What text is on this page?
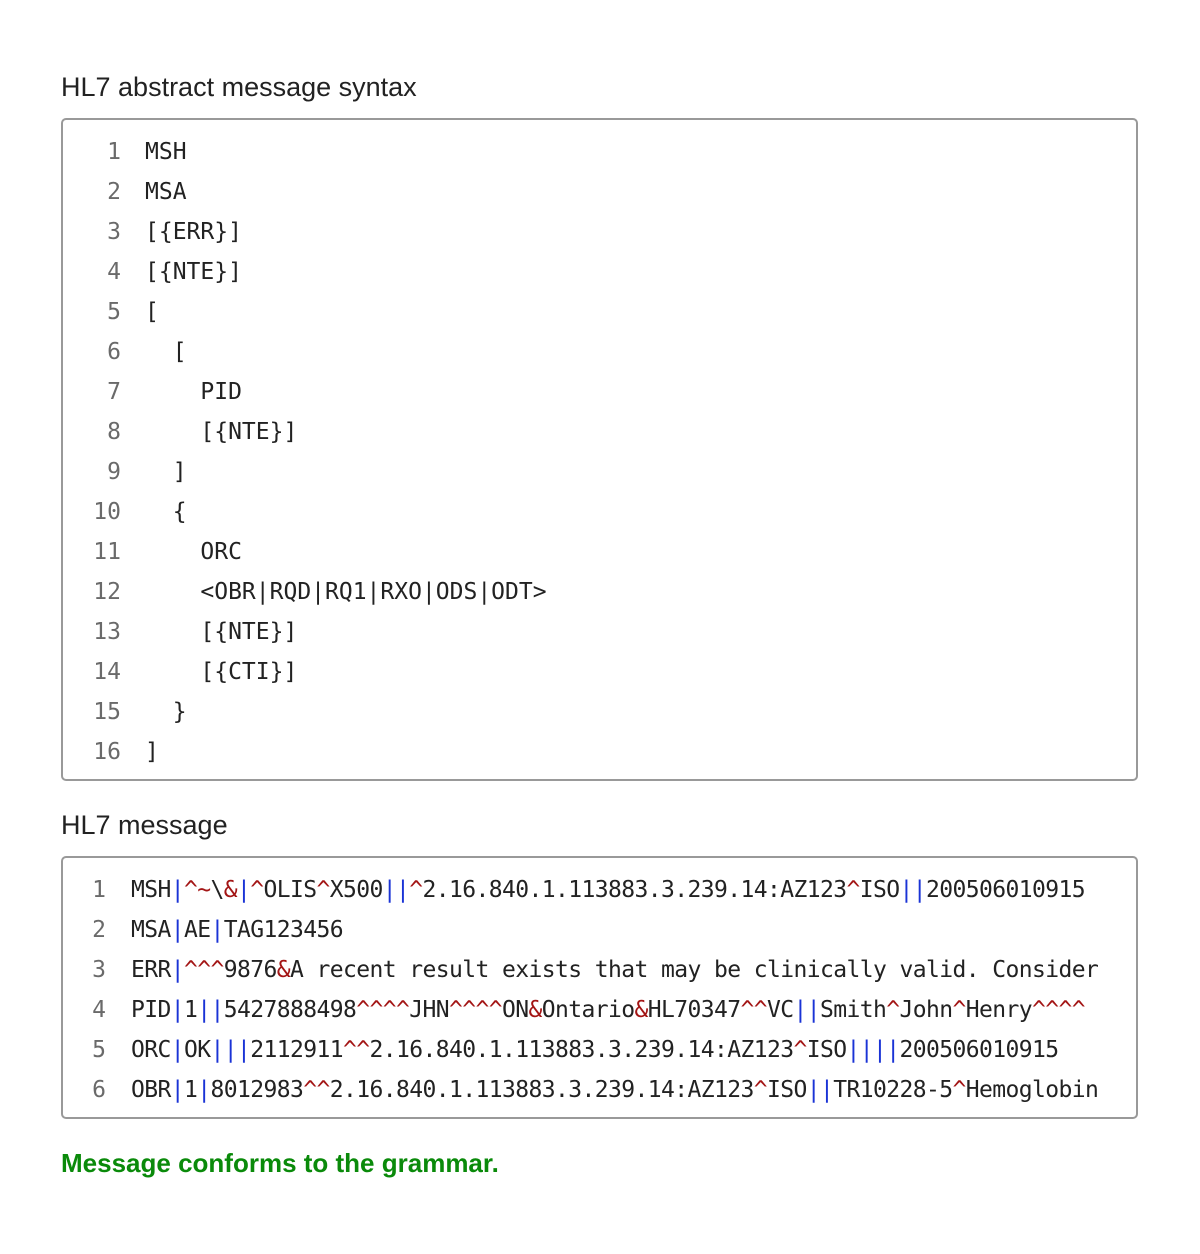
HL7 abstract message syntax
1 MSH
2 MSA
3 [{ERR}]
4 [{NTE}]
5 [
6 [
7 PID
8 [{NTE}]
9 ]
10 {
11 ORC
12 <OBR|RQD|RQ1|RXO|ODS|ODT>
13 [{NTE}]
14 [{CTI}]
15 }
16 ]
HL7 message
1 MSH|^~\&|^OLIS^X500||^2.16.840.1.113883.3.239.14:AZ123^ISO||200506010915
2 MSA|AE|TAG123456
3 ERR|^^^9876&A recent result exists that may be clinically valid. Consider
4 PID|1||5427888498^^^^JHN^^^^ON&Ontario&HL70347^^VC||Smith^John^Henry^^^^
5 ORC|OK|||2112911^^2.16.840.1.113883.3.239.14:AZ123^ISO||||200506010915
6 OBR|1|8012983^^2.16.840.1.113883.3.239.14:AZ123^ISO||TR10228-5^Hemoglobin
Message conforms to the grammar.
